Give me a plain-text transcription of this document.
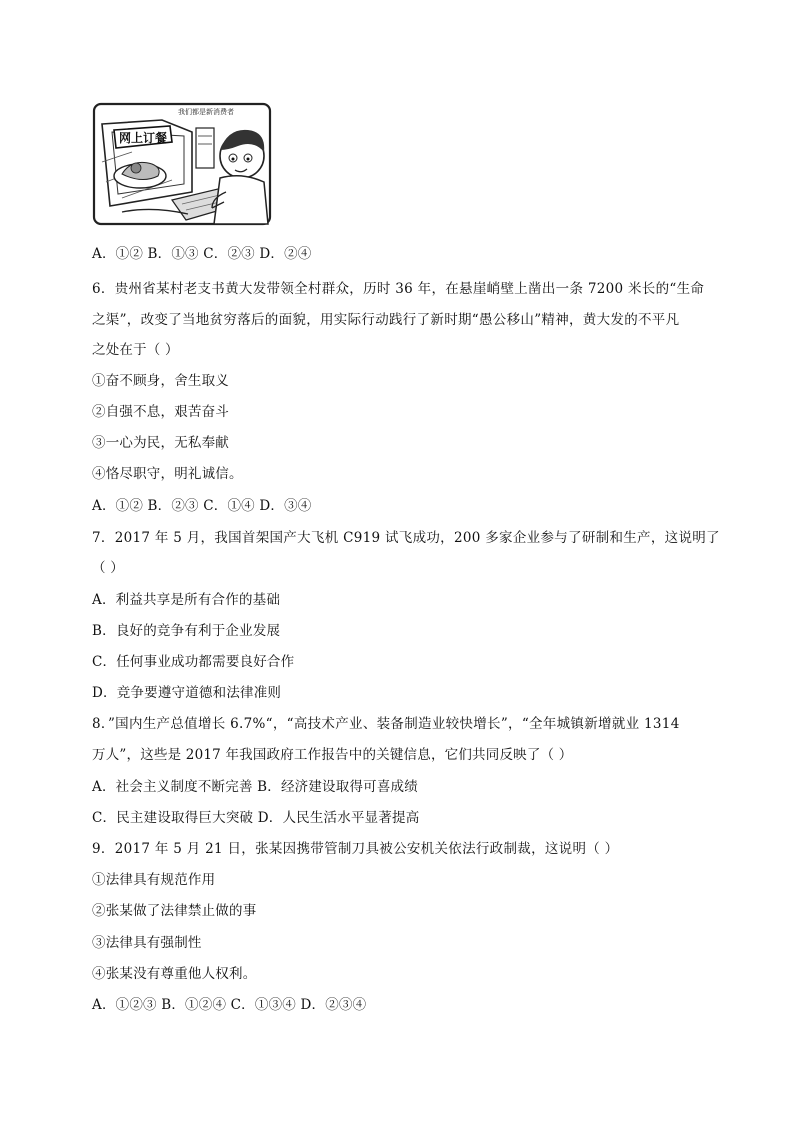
我们都是新消费者
网上订餐
A．①② B．①③ C．②③ D．②④
6．贵州省某村老支书黄大发带领全村群众，历时 36 年，在悬崖峭壁上凿出一条 7200 米长的“生命
之渠”，改变了当地贫穷落后的面貌，用实际行动践行了新时期“愚公移山”精神，黄大发的不平凡
之处在于（ ）
①奋不顾身，舍生取义
②自强不息，艰苦奋斗
③一心为民，无私奉献
④恪尽职守，明礼诚信。
A．①② B．②③ C．①④ D．③④
7．2017 年 5 月，我国首架国产大飞机 C919 试飞成功，200 多家企业参与了研制和生产，这说明了
（ ）
A．利益共享是所有合作的基础
B．良好的竞争有利于企业发展
C．任何事业成功都需要良好合作
D．竞争要遵守道德和法律准则
8．”国内生产总值增长 6.7%“，“高技术产业、装备制造业较快增长”，“全年城镇新增就业 1314
万人”，这些是 2017 年我国政府工作报告中的关键信息，它们共同反映了（ ）
A．社会主义制度不断完善 B．经济建设取得可喜成绩
C．民主建设取得巨大突破 D．人民生活水平显著提高
9．2017 年 5 月 21 日，张某因携带管制刀具被公安机关依法行政制裁，这说明（ ）
①法律具有规范作用
②张某做了法律禁止做的事
③法律具有强制性
④张某没有尊重他人权利。
A．①②③ B．①②④ C．①③④ D．②③④
